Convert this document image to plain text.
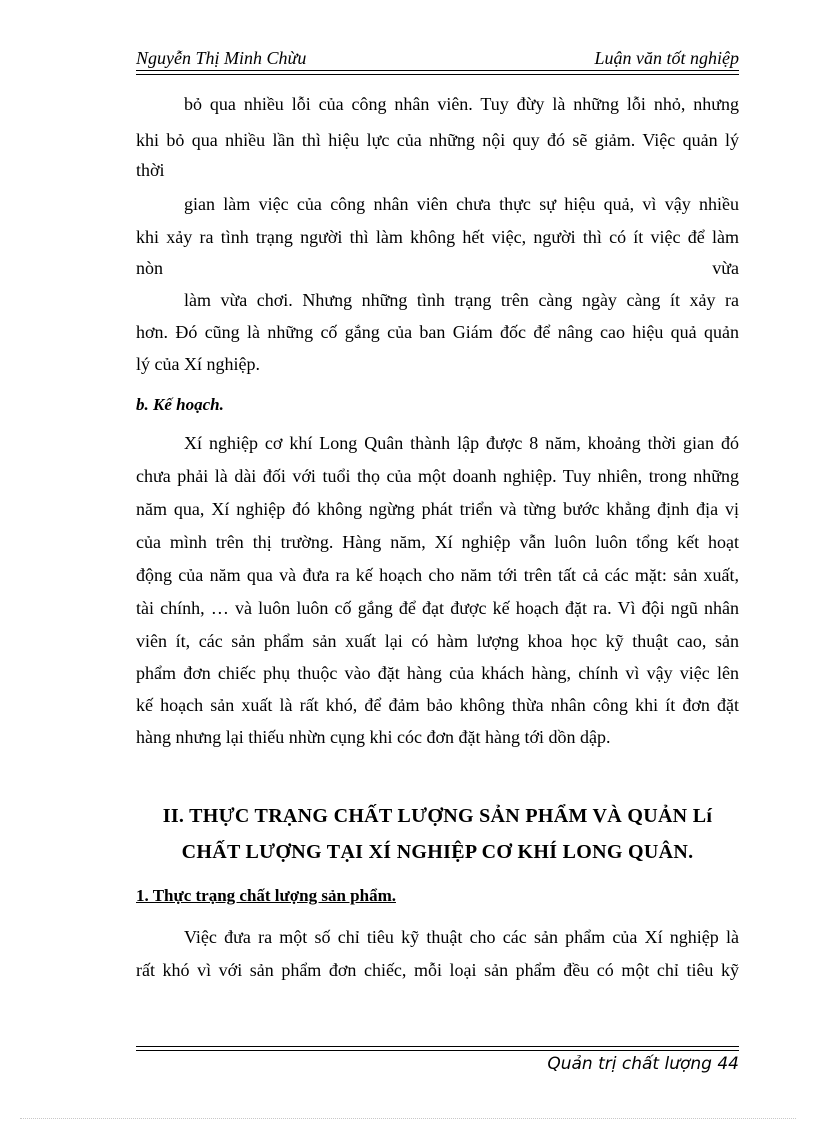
Nguyễn Thị Minh Chừu	Luận văn tốt nghiệp
bỏ qua nhiều lỗi của công nhân viên. Tuy đừy là những lỗi nhỏ, nhưng
khi bỏ qua nhiều lần thì hiệu lực của những nội quy đó sẽ giảm. Việc quản lý
thời
gian làm việc của công nhân viên chưa thực sự hiệu quả, vì vậy nhiều
khi xảy ra tình trạng người thì làm không hết việc, người thì có ít việc để làm
nòn	vừa
làm vừa chơi. Nhưng những tình trạng trên càng ngày càng ít xảy ra
hơn. Đó cũng là những cố gắng của ban Giám đốc để nâng cao hiệu quả quản
lý của Xí nghiệp.
b. Kế hoạch.
Xí nghiệp cơ khí Long Quân thành lập được 8 năm, khoảng thời gian đó
chưa phải là dài đối với tuổi thọ của một doanh nghiệp. Tuy nhiên, trong những
năm qua, Xí nghiệp đó không ngừng phát triển và từng bước khẳng định địa vị
của mình trên thị trường. Hàng năm, Xí nghiệp vẫn luôn luôn tổng kết hoạt
động của năm qua và đưa ra kế hoạch cho năm tới trên tất cả các mặt: sản xuất,
tài chính, … và luôn luôn cố gắng để đạt được kế hoạch đặt ra. Vì đội ngũ nhân
viên ít, các sản phẩm sản xuất lại có hàm lượng khoa học kỹ thuật cao, sản
phẩm đơn chiếc phụ thuộc vào đặt hàng của khách hàng, chính vì vậy việc lên
kế hoạch sản xuất là rất khó, để đảm bảo không thừa nhân công khi ít đơn đặt
hàng nhưng lại thiếu nhừn cụng khi cóc đơn đặt hàng tới dồn dập.
II. THỰC TRẠNG CHẤT LƯỢNG SẢN PHẨM VÀ QUẢN Lí
CHẤT LƯỢNG TẠI XÍ NGHIỆP CƠ KHÍ LONG QUÂN.
1. Thực trạng chất lượng sản phẩm.
Việc đưa ra một số chỉ tiêu kỹ thuật cho các sản phẩm của Xí nghiệp là
rất khó vì với sản phẩm đơn chiếc, mỗi loại sản phẩm đều có một chỉ tiêu kỹ
Quản trị chất lượng 44
